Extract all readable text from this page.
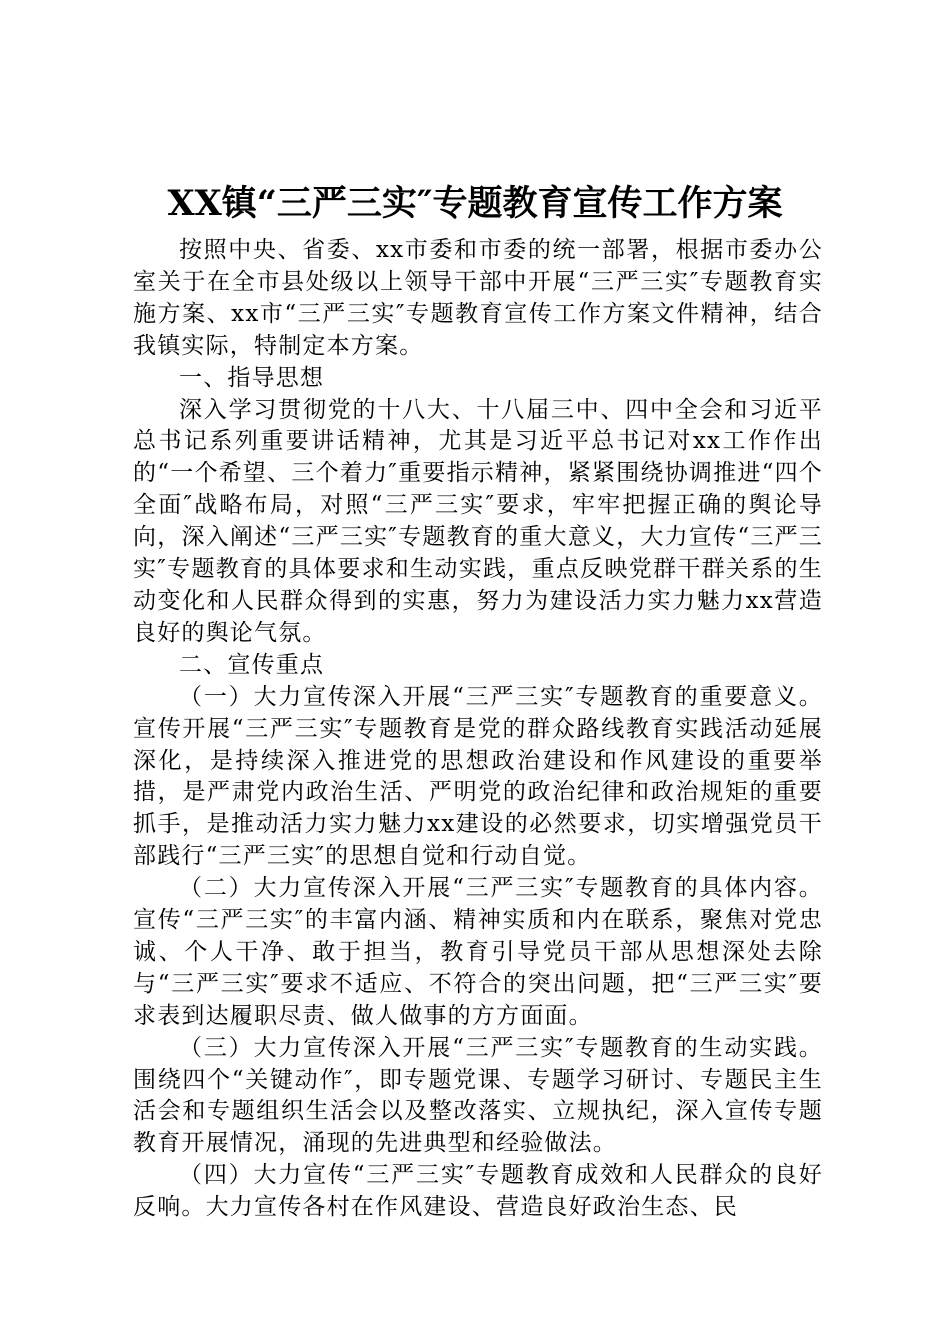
XX镇“三严三实″专题教育宣传工作方案

按照中央、省委、xx市委和市委的统一部署，根据市委办公室关于在全市县处级以上领导干部中开展“三严三实″专题教育实施方案、xx市“三严三实″专题教育宣传工作方案文件精神，结合我镇实际，特制定本方案。

一、指导思想

深入学习贯彻党的十八大、十八届三中、四中全会和习近平总书记系列重要讲话精神，尤其是习近平总书记对xx工作作出的“一个希望、三个着力″重要指示精神，紧紧围绕协调推进“四个全面″战略布局，对照“三严三实″要求，牢牢把握正确的舆论导向，深入阐述“三严三实″专题教育的重大意义，大力宣传“三严三实″专题教育的具体要求和生动实践，重点反映党群干群关系的生动变化和人民群众得到的实惠，努力为建设活力实力魅力xx营造良好的舆论气氛。

二、宣传重点

（一）大力宣传深入开展“三严三实″专题教育的重要意义。宣传开展“三严三实″专题教育是党的群众路线教育实践活动延展深化，是持续深入推进党的思想政治建设和作风建设的重要举措，是严肃党内政治生活、严明党的政治纪律和政治规矩的重要抓手，是推动活力实力魅力xx建设的必然要求，切实增强党员干部践行“三严三实″的思想自觉和行动自觉。

（二）大力宣传深入开展“三严三实″专题教育的具体内容。宣传“三严三实″的丰富内涵、精神实质和内在联系，聚焦对党忠诚、个人干净、敢于担当，教育引导党员干部从思想深处去除与“三严三实″要求不适应、不符合的突出问题，把“三严三实″要求表到达履职尽责、做人做事的方方面面。

（三）大力宣传深入开展“三严三实″专题教育的生动实践。围绕四个“关键动作″，即专题党课、专题学习研讨、专题民主生活会和专题组织生活会以及整改落实、立规执纪，深入宣传专题教育开展情况，涌现的先进典型和经验做法。

（四）大力宣传“三严三实″专题教育成效和人民群众的良好反响。大力宣传各村在作风建设、营造良好政治生态、民
